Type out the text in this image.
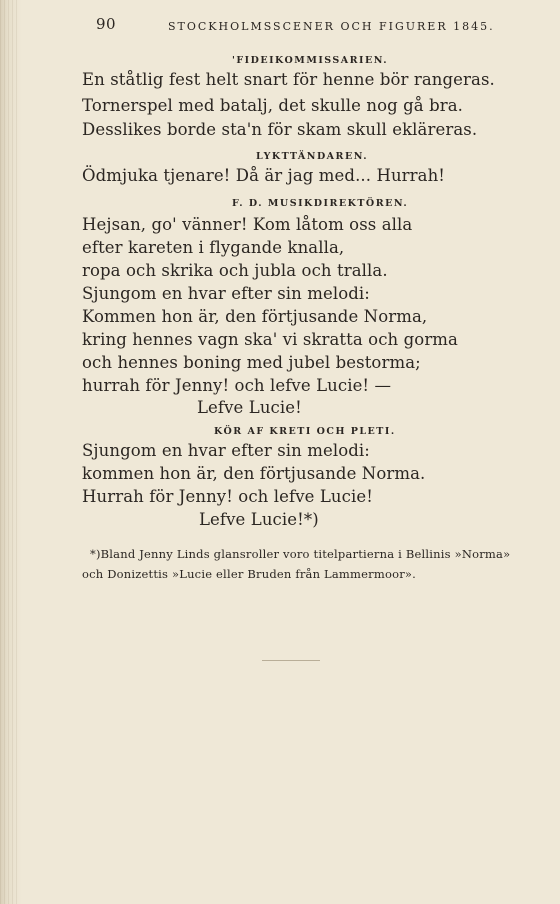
90	STOCKHOLMSSCENER OCH FIGURER 1845.
'FIDEIKOMMISSARIEN.
En ståtlig fest helt snart för henne bör rangeras.
Tornerspel med batalj, det skulle nog gå bra.
Desslikes borde sta'n för skam skull ekläreras.
LYKTTÄNDAREN.
Ödmjuka tjenare! Då är jag med... Hurrah!
F. D. MUSIKDIREKTÖREN.
Hejsan, go' vänner! Kom låtom oss alla
efter kareten i flygande knalla,
ropa och skrika och jubla och tralla.
Sjungom en hvar efter sin melodi:
Kommen hon är, den förtjusande Norma,
kring hennes vagn ska' vi skratta och gorma
och hennes boning med jubel bestorma;
hurrah för Jenny! och lefve Lucie! —
Lefve Lucie!
KÖR AF KRETI OCH PLETI.
Sjungom en hvar efter sin melodi:
kommen hon är, den förtjusande Norma.
Hurrah för Jenny! och lefve Lucie!
Lefve Lucie!*)
*)Bland Jenny Linds glansroller voro titelpartierna i Bellinis »Norma»
och Donizettis »Lucie eller Bruden från Lammermoor».
